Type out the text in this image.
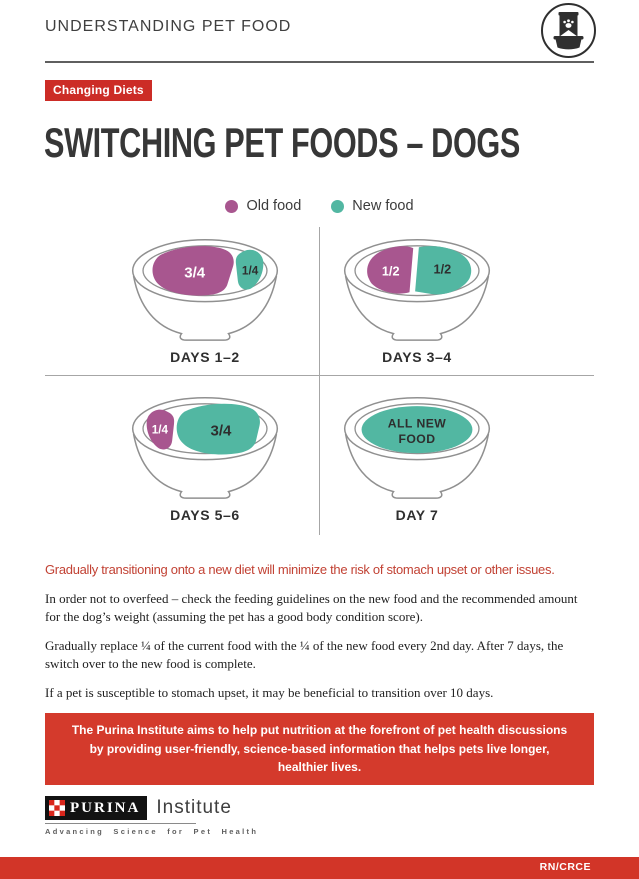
UNDERSTANDING PET FOOD
Changing Diets
SWITCHING PET FOODS – DOGS
Old food	New food
3/4	1/4
DAYS 1–2
1/2	1/2
DAYS 3–4
1/4	3/4
DAYS 5–6
ALL NEW
FOOD
DAY 7
Gradually transitioning onto a new diet will minimize the risk of stomach upset or other issues.

In order not to overfeed – check the feeding guidelines on the new food and the recommended amount for the dog’s weight (assuming the pet has a good body condition score).

Gradually replace ¼ of the current food with the ¼ of the new food every 2nd day. After 7 days, the switch over to the new food is complete.

If a pet is susceptible to stomach upset, it may be beneficial to transition over 10 days.

The Purina Institute aims to help put nutrition at the forefront of pet health discussions by providing user-friendly, science-based information that helps pets live longer, healthier lives.
PURINA Institute
Advancing Science for Pet Health
RN/CRCE
